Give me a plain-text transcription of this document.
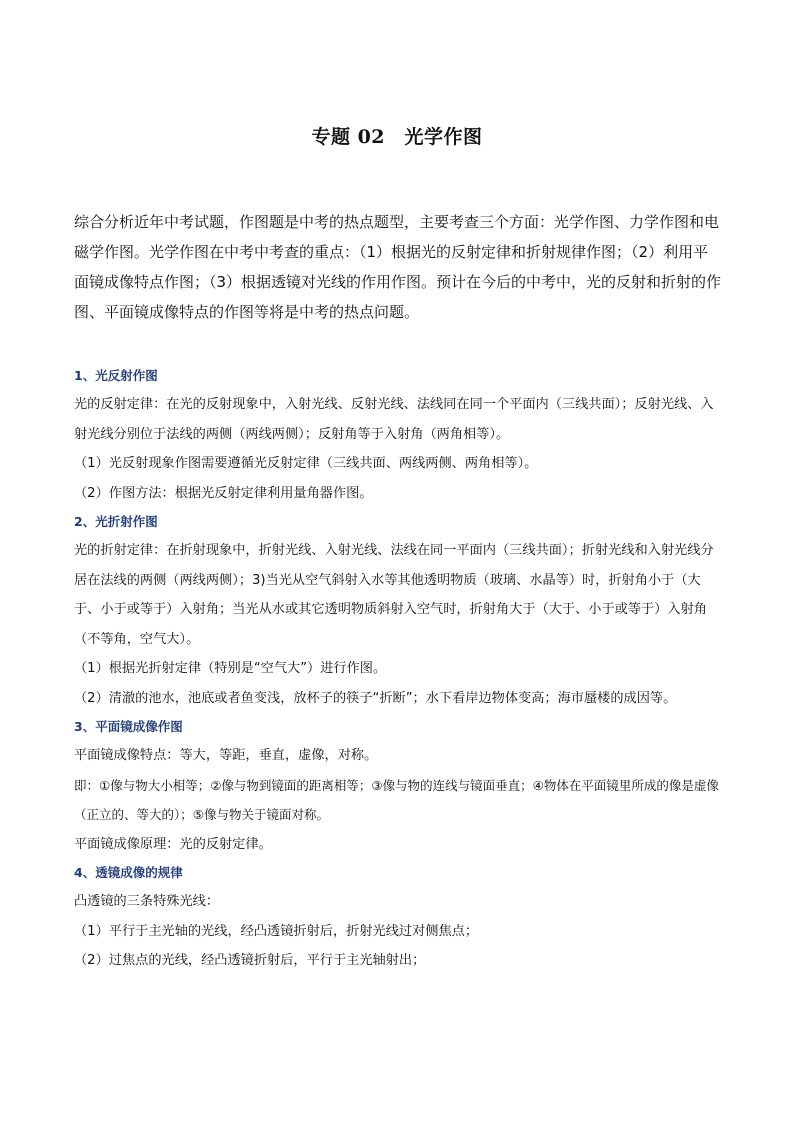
专题 02　光学作图
综合分析近年中考试题，作图题是中考的热点题型，主要考查三个方面：光学作图、力学作图和电磁学作图。光学作图在中考中考查的重点：（1）根据光的反射定律和折射规律作图；（2）利用平面镜成像特点作图；（3）根据透镜对光线的作用作图。预计在今后的中考中，光的反射和折射的作图、平面镜成像特点的作图等将是中考的热点问题。
1、光反射作图
光的反射定律：在光的反射现象中，入射光线、反射光线、法线同在同一个平面内（三线共面）；反射光线、入射光线分别位于法线的两侧（两线两侧）；反射角等于入射角（两角相等）。
（1）光反射现象作图需要遵循光反射定律（三线共面、两线两侧、两角相等）。
（2）作图方法：根据光反射定律利用量角器作图。
2、光折射作图
光的折射定律：在折射现象中，折射光线、入射光线、法线在同一平面内（三线共面）；折射光线和入射光线分居在法线的两侧（两线两侧）；3)当光从空气斜射入水等其他透明物质（玻璃、水晶等）时，折射角小于（大于、小于或等于）入射角；当光从水或其它透明物质斜射入空气时，折射角大于（大于、小于或等于）入射角（不等角，空气大）。
（1）根据光折射定律（特别是“空气大”）进行作图。
（2）清澈的池水，池底或者鱼变浅，放杯子的筷子“折断”；水下看岸边物体变高；海市蜃楼的成因等。
3、平面镜成像作图
平面镜成像特点：等大，等距，垂直，虚像，对称。
即：①像与物大小相等；②像与物到镜面的距离相等；③像与物的连线与镜面垂直；④物体在平面镜里所成的像是虚像（正立的、等大的）；⑤像与物关于镜面对称。
平面镜成像原理：光的反射定律。
4、透镜成像的规律
凸透镜的三条特殊光线：
（1）平行于主光轴的光线，经凸透镜折射后，折射光线过对侧焦点；
（2）过焦点的光线，经凸透镜折射后，平行于主光轴射出；
